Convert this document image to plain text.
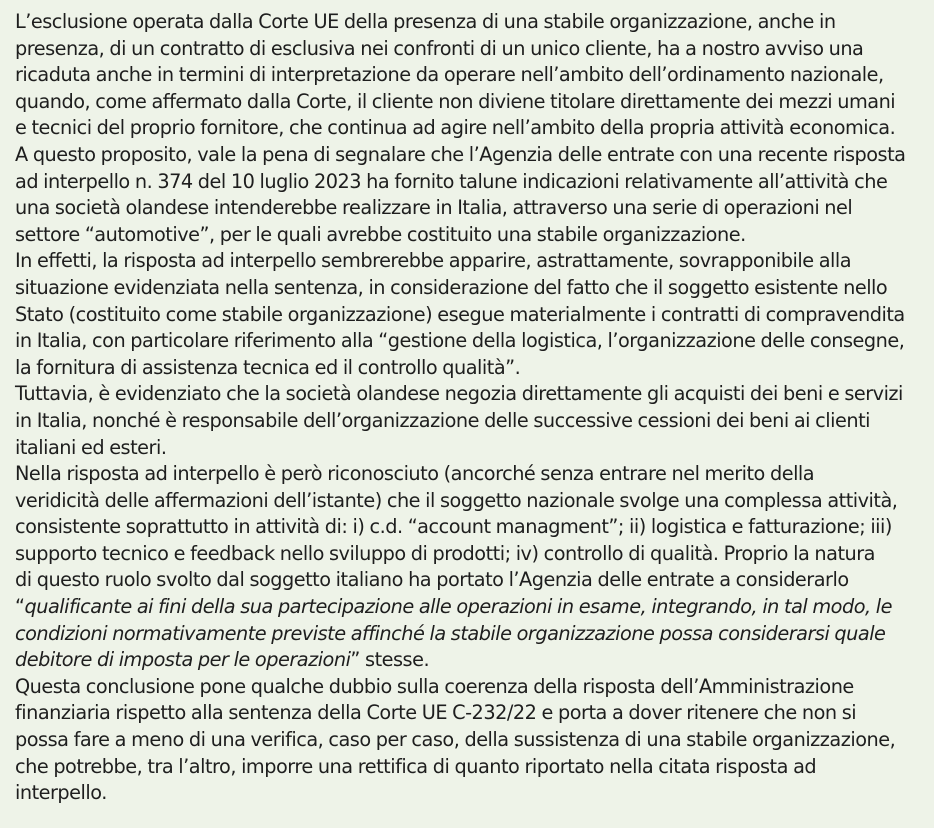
L’esclusione operata dalla Corte UE della presenza di una stabile organizzazione, anche in
presenza, di un contratto di esclusiva nei confronti di un unico cliente, ha a nostro avviso una
ricaduta anche in termini di interpretazione da operare nell’ambito dell’ordinamento nazionale,
quando, come affermato dalla Corte, il cliente non diviene titolare direttamente dei mezzi umani
e tecnici del proprio fornitore, che continua ad agire nell’ambito della propria attività economica.

A questo proposito, vale la pena di segnalare che l’Agenzia delle entrate con una recente risposta
ad interpello n. 374 del 10 luglio 2023 ha fornito talune indicazioni relativamente all’attività che
una società olandese intenderebbe realizzare in Italia, attraverso una serie di operazioni nel
settore “automotive”, per le quali avrebbe costituito una stabile organizzazione.

In effetti, la risposta ad interpello sembrerebbe apparire, astrattamente, sovrapponibile alla
situazione evidenziata nella sentenza, in considerazione del fatto che il soggetto esistente nello
Stato (costituito come stabile organizzazione) esegue materialmente i contratti di compravendita
in Italia, con particolare riferimento alla “gestione della logistica, l’organizzazione delle consegne,
la fornitura di assistenza tecnica ed il controllo qualità”.

Tuttavia, è evidenziato che la società olandese negozia direttamente gli acquisti dei beni e servizi
in Italia, nonché è responsabile dell’organizzazione delle successive cessioni dei beni ai clienti
italiani ed esteri.

Nella risposta ad interpello è però riconosciuto (ancorché senza entrare nel merito della
veridicità delle affermazioni dell’istante) che il soggetto nazionale svolge una complessa attività,
consistente soprattutto in attività di: i) c.d. “account managment”; ii) logistica e fatturazione; iii)
supporto tecnico e feedback nello sviluppo di prodotti; iv) controllo di qualità. Proprio la natura
di questo ruolo svolto dal soggetto italiano ha portato l’Agenzia delle entrate a considerarlo
“qualificante ai fini della sua partecipazione alle operazioni in esame, integrando, in tal modo, le
condizioni normativamente previste affinché la stabile organizzazione possa considerarsi quale
debitore di imposta per le operazioni” stesse.

Questa conclusione pone qualche dubbio sulla coerenza della risposta dell’Amministrazione
finanziaria rispetto alla sentenza della Corte UE C-232/22 e porta a dover ritenere che non si
possa fare a meno di una verifica, caso per caso, della sussistenza di una stabile organizzazione,
che potrebbe, tra l’altro, imporre una rettifica di quanto riportato nella citata risposta ad
interpello.
